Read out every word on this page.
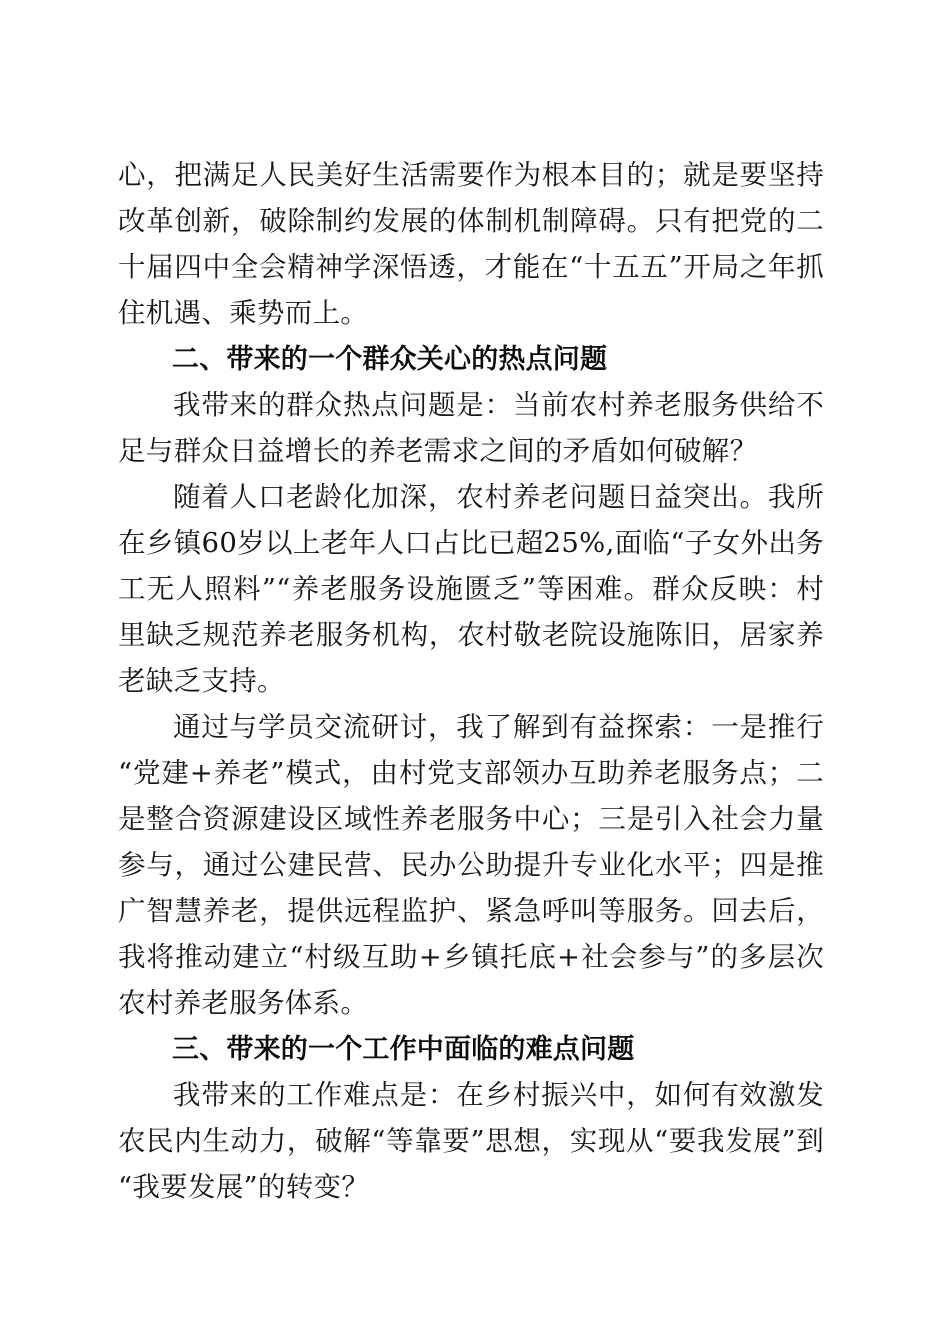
心，把满足人民美好生活需要作为根本目的；就是要坚持改革创新，破除制约发展的体制机制障碍。只有把党的二十届四中全会精神学深悟透，才能在“十五五”开局之年抓住机遇、乘势而上。

二、带来的一个群众关心的热点问题

我带来的群众热点问题是：当前农村养老服务供给不足与群众日益增长的养老需求之间的矛盾如何破解？

随着人口老龄化加深，农村养老问题日益突出。我所在乡镇60岁以上老年人口占比已超25%,面临“子女外出务工无人照料”“养老服务设施匮乏”等困难。群众反映：村里缺乏规范养老服务机构，农村敬老院设施陈旧，居家养老缺乏支持。

通过与学员交流研讨，我了解到有益探索：一是推行“党建+养老”模式，由村党支部领办互助养老服务点；二是整合资源建设区域性养老服务中心；三是引入社会力量参与，通过公建民营、民办公助提升专业化水平；四是推广智慧养老，提供远程监护、紧急呼叫等服务。回去后，我将推动建立“村级互助+乡镇托底+社会参与”的多层次农村养老服务体系。

三、带来的一个工作中面临的难点问题

我带来的工作难点是：在乡村振兴中，如何有效激发农民内生动力，破解“等靠要”思想，实现从“要我发展”到“我要发展”的转变？
